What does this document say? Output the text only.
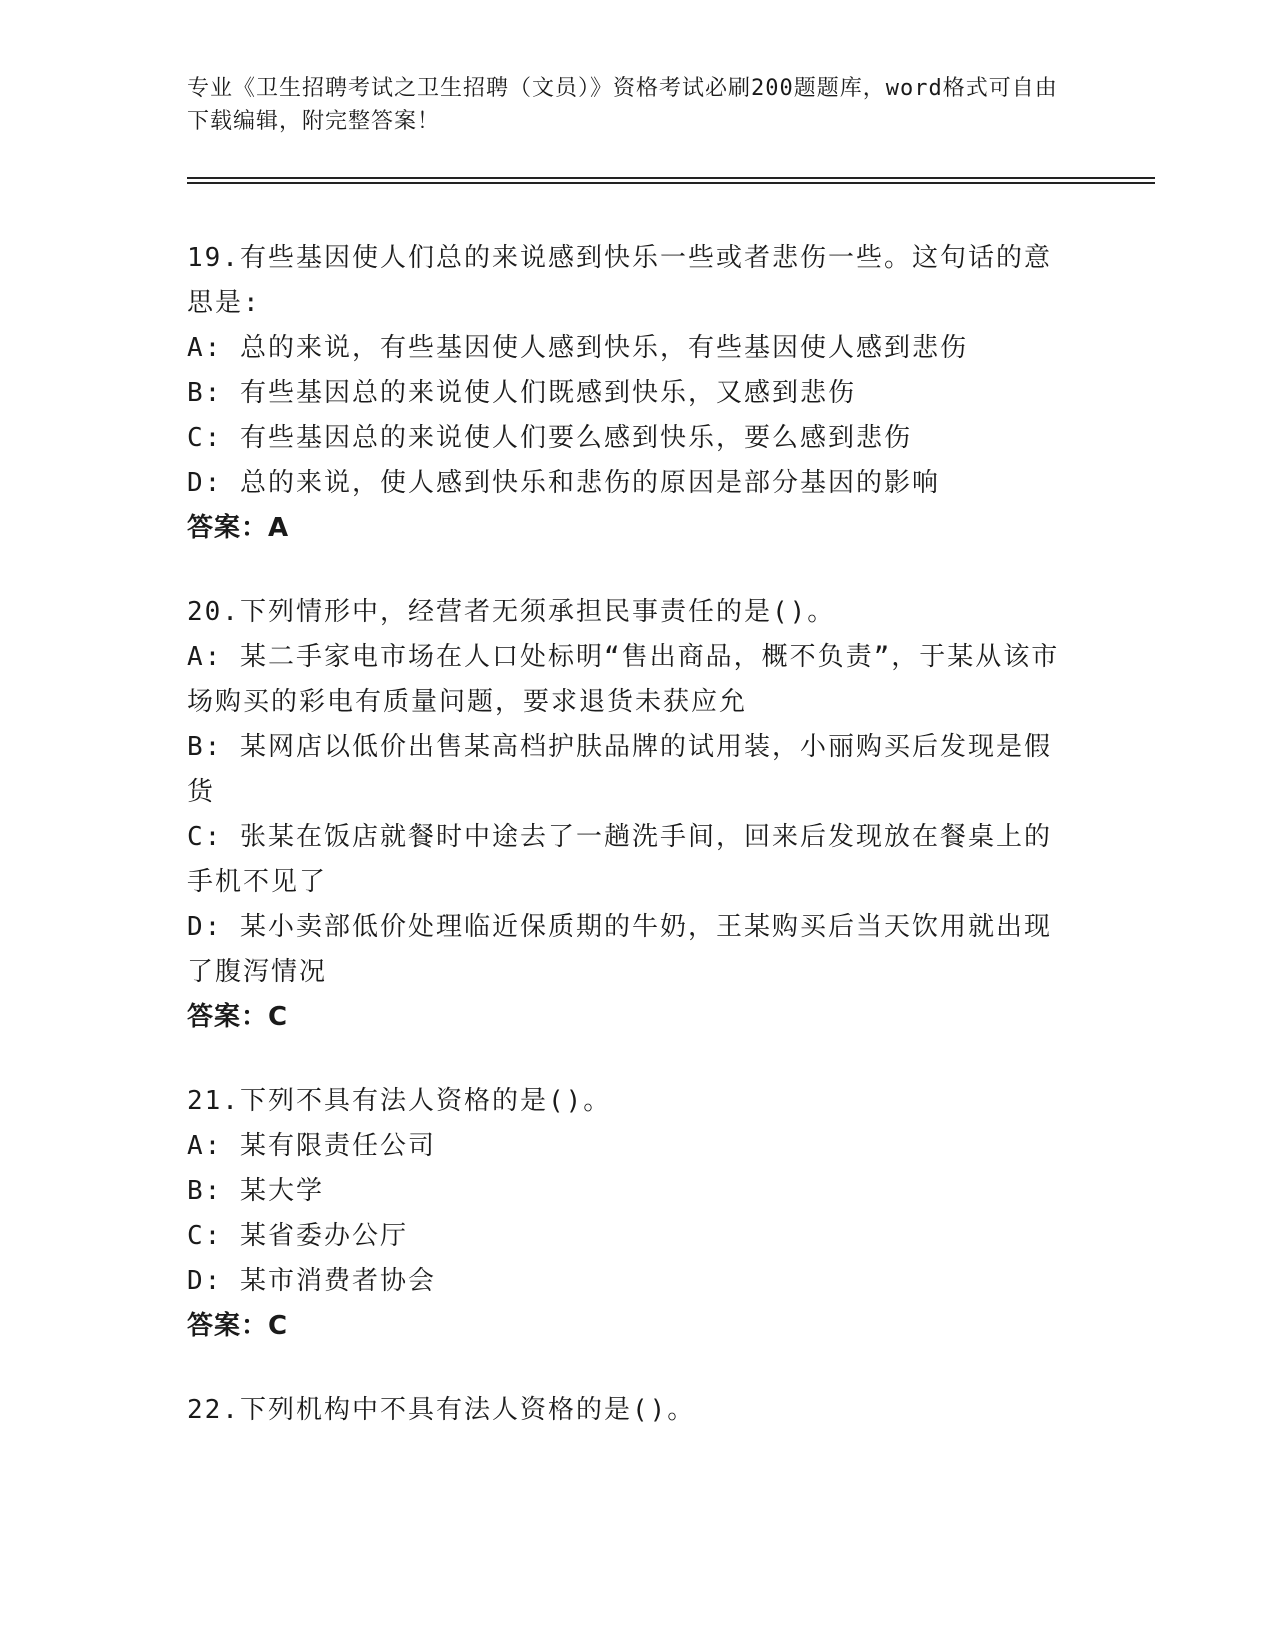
专业《卫生招聘考试之卫生招聘（文员）》资格考试必刷200题题库，word格式可自由下载编辑，附完整答案！

19.有些基因使人们总的来说感到快乐一些或者悲伤一些。这句话的意思是:

A: 总的来说，有些基因使人感到快乐，有些基因使人感到悲伤

B: 有些基因总的来说使人们既感到快乐，又感到悲伤

C: 有些基因总的来说使人们要么感到快乐，要么感到悲伤

D: 总的来说，使人感到快乐和悲伤的原因是部分基因的影响

答案：A

20.下列情形中，经营者无须承担民事责任的是()。

A: 某二手家电市场在人口处标明“售出商品，概不负责”，于某从该市场购买的彩电有质量问题，要求退货未获应允

B: 某网店以低价出售某高档护肤品牌的试用装，小丽购买后发现是假货

C: 张某在饭店就餐时中途去了一趟洗手间，回来后发现放在餐桌上的手机不见了

D: 某小卖部低价处理临近保质期的牛奶，王某购买后当天饮用就出现了腹泻情况

答案：C

21.下列不具有法人资格的是()。

A: 某有限责任公司

B: 某大学

C: 某省委办公厅

D: 某市消费者协会

答案：C

22.下列机构中不具有法人资格的是()。
